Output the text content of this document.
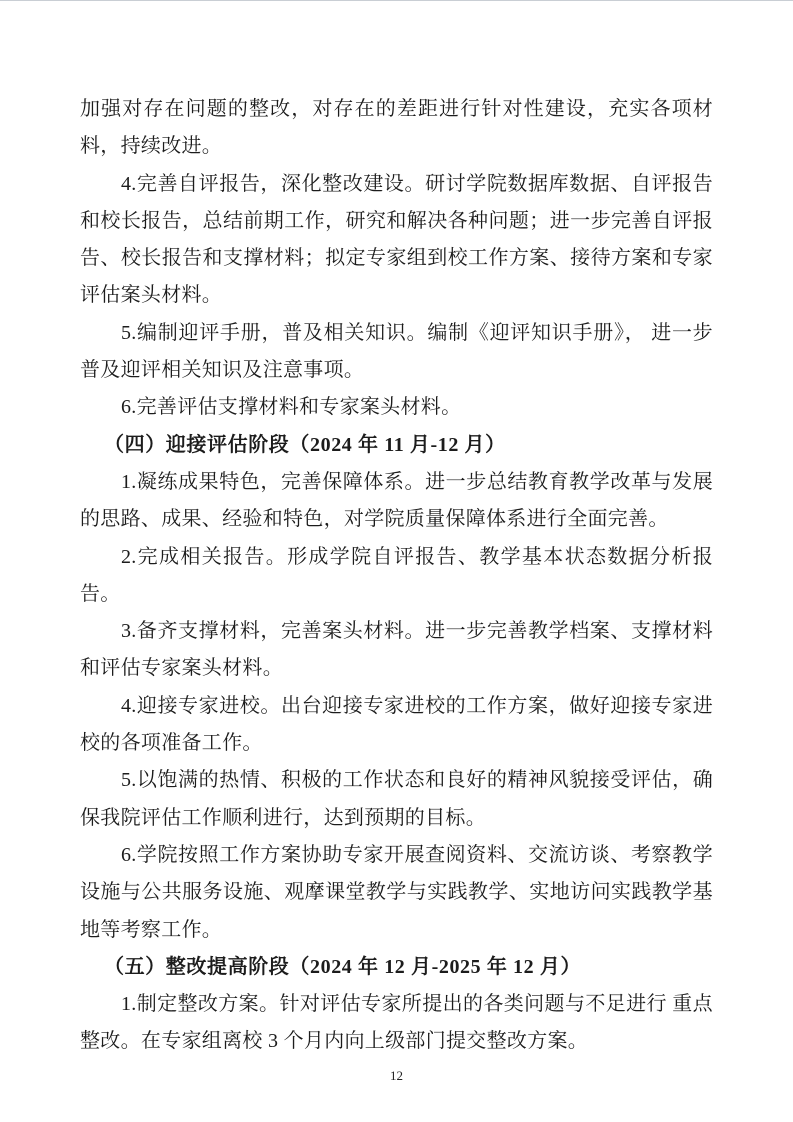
加强对存在问题的整改，对存在的差距进行针对性建设，充实各项材料，持续改进。

4.完善自评报告，深化整改建设。研讨学院数据库数据、自评报告和校长报告，总结前期工作，研究和解决各种问题；进一步完善自评报告、校长报告和支撑材料；拟定专家组到校工作方案、接待方案和专家评估案头材料。

5.编制迎评手册，普及相关知识。编制《迎评知识手册》， 进一步普及迎评相关知识及注意事项。

6.完善评估支撑材料和专家案头材料。

（四）迎接评估阶段（2024 年 11 月-12 月）

1.凝练成果特色，完善保障体系。进一步总结教育教学改革与发展的思路、成果、经验和特色，对学院质量保障体系进行全面完善。

2.完成相关报告。形成学院自评报告、教学基本状态数据分析报告。

3.备齐支撑材料，完善案头材料。进一步完善教学档案、支撑材料和评估专家案头材料。

4.迎接专家进校。出台迎接专家进校的工作方案，做好迎接专家进校的各项准备工作。

5.以饱满的热情、积极的工作状态和良好的精神风貌接受评估，确保我院评估工作顺利进行，达到预期的目标。

6.学院按照工作方案协助专家开展查阅资料、交流访谈、考察教学设施与公共服务设施、观摩课堂教学与实践教学、实地访问实践教学基地等考察工作。

（五）整改提高阶段（2024 年 12 月-2025 年 12 月）

1.制定整改方案。针对评估专家所提出的各类问题与不足进行 重点整改。在专家组离校 3 个月内向上级部门提交整改方案。

12
